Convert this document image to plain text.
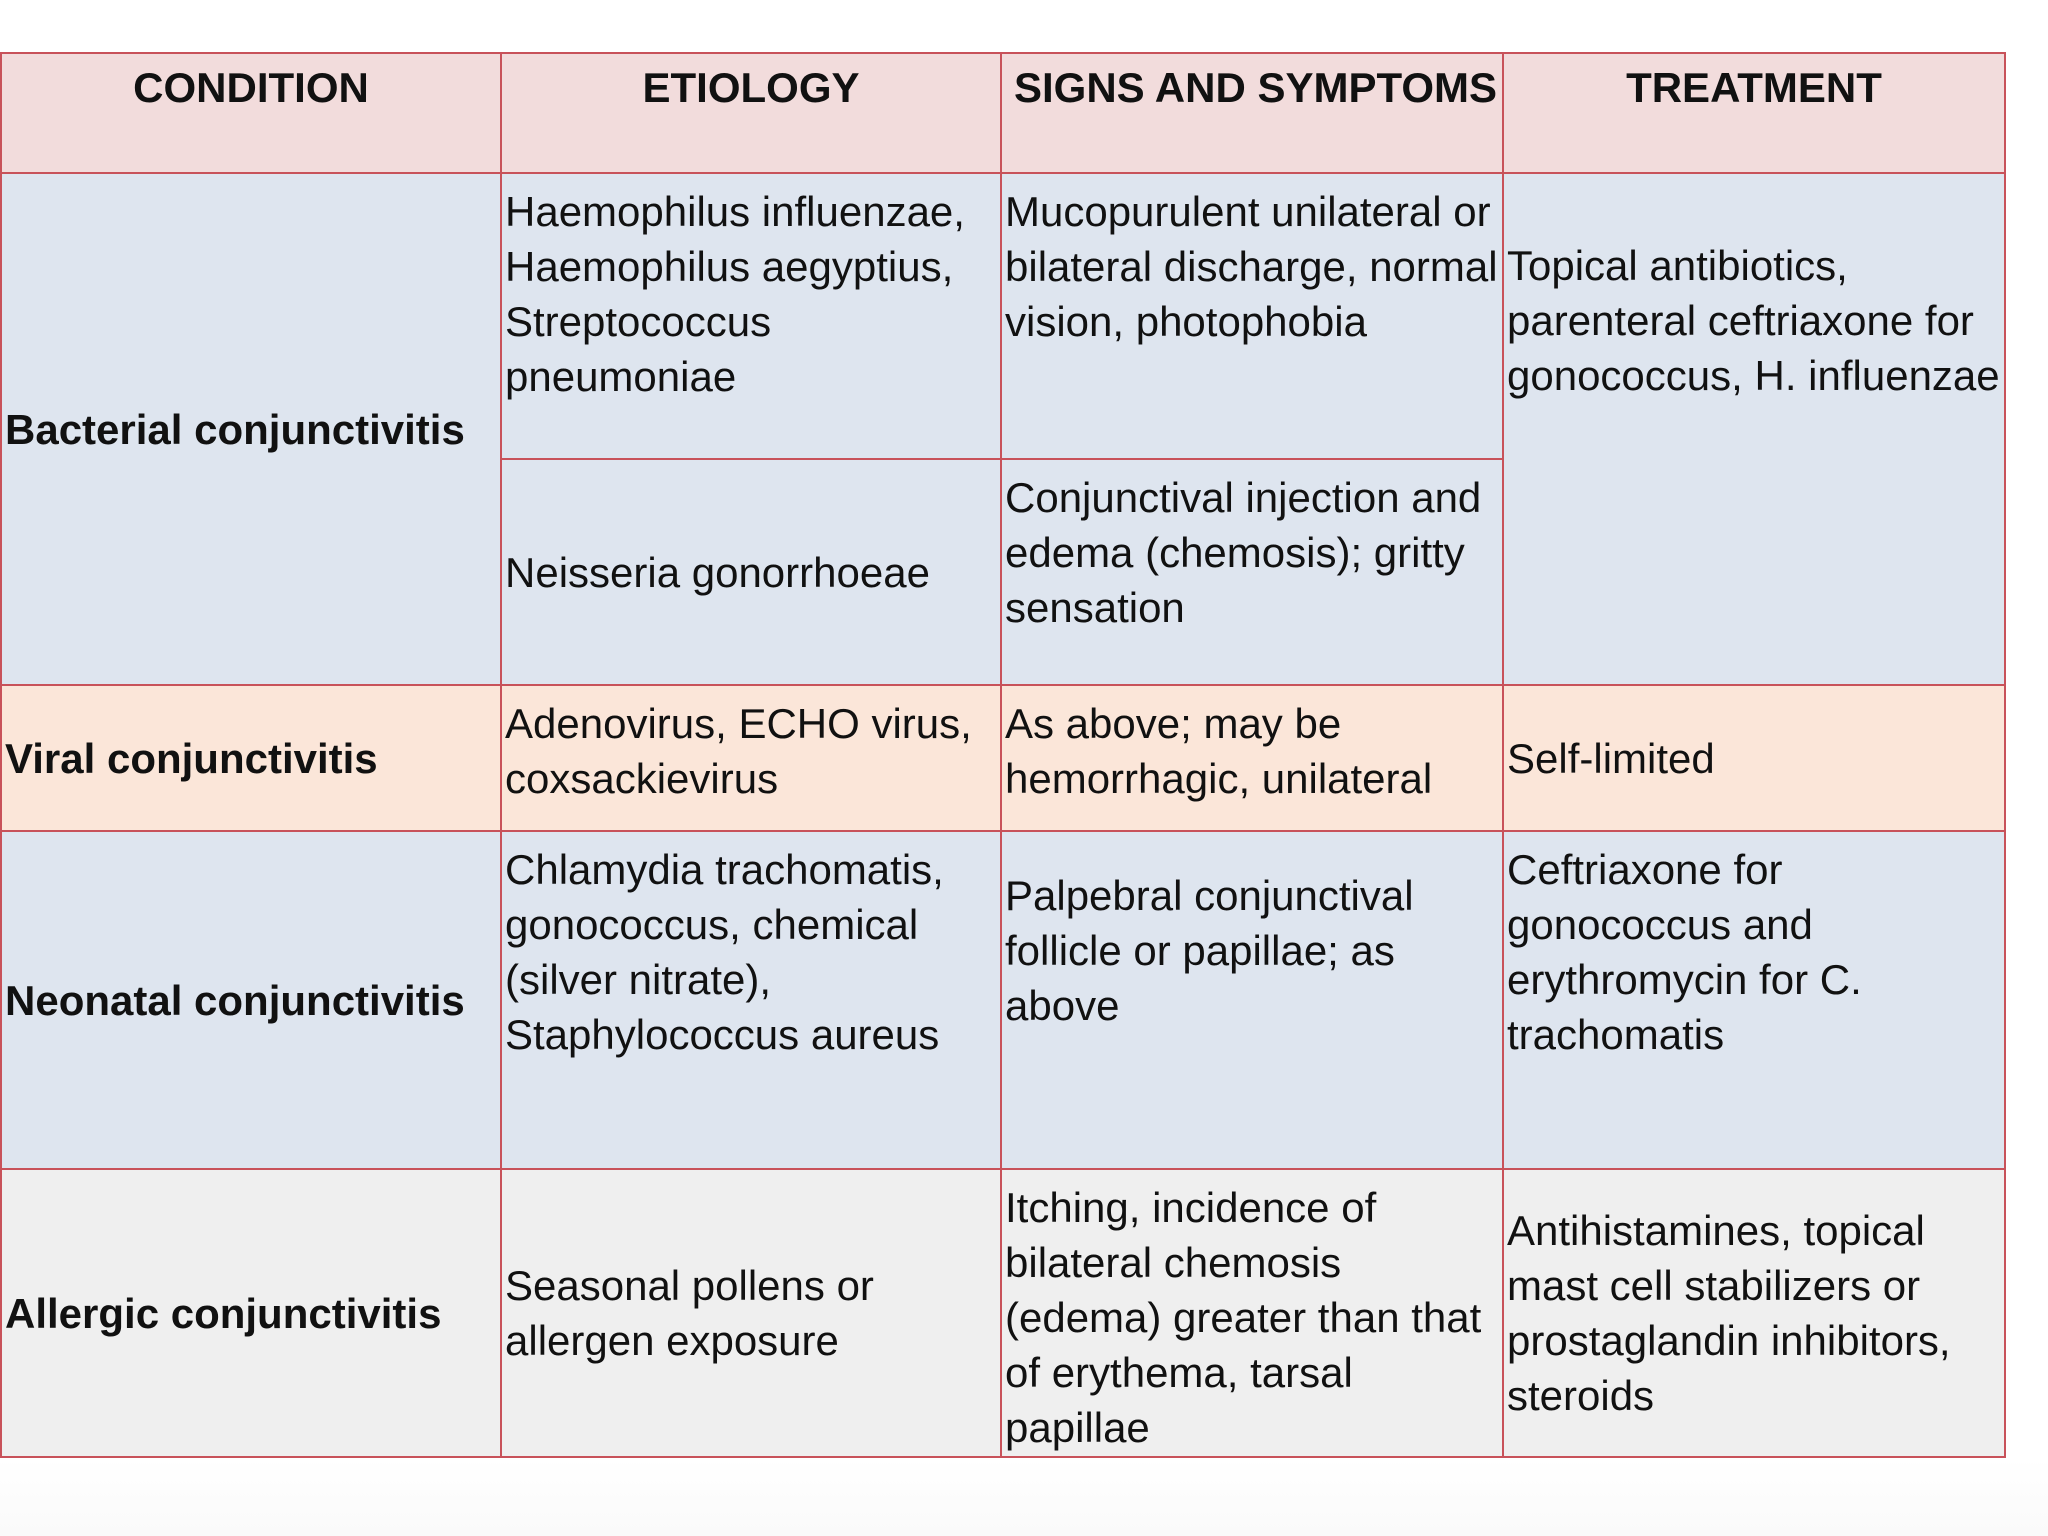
CONDITION	ETIOLOGY	SIGNS AND SYMPTOMS	TREATMENT
Bacterial conjunctivitis	Haemophilus influenzae, Haemophilus aegyptius, Streptococcus pneumoniae	Mucopurulent unilateral or bilateral discharge, normal vision, photophobia	Topical antibiotics, parenteral ceftriaxone for gonococcus, H. influenzae
	Neisseria gonorrhoeae	Conjunctival injection and edema (chemosis); gritty sensation	
Viral conjunctivitis	Adenovirus, ECHO virus, coxsackievirus	As above; may be hemorrhagic, unilateral	Self-limited
Neonatal conjunctivitis	Chlamydia trachomatis, gonococcus, chemical (silver nitrate), Staphylococcus aureus	Palpebral conjunctival follicle or papillae; as above	Ceftriaxone for gonococcus and erythromycin for C. trachomatis
Allergic conjunctivitis	Seasonal pollens or allergen exposure	Itching, incidence of bilateral chemosis (edema) greater than that of erythema, tarsal papillae	Antihistamines, topical mast cell stabilizers or prostaglandin inhibitors, steroids
